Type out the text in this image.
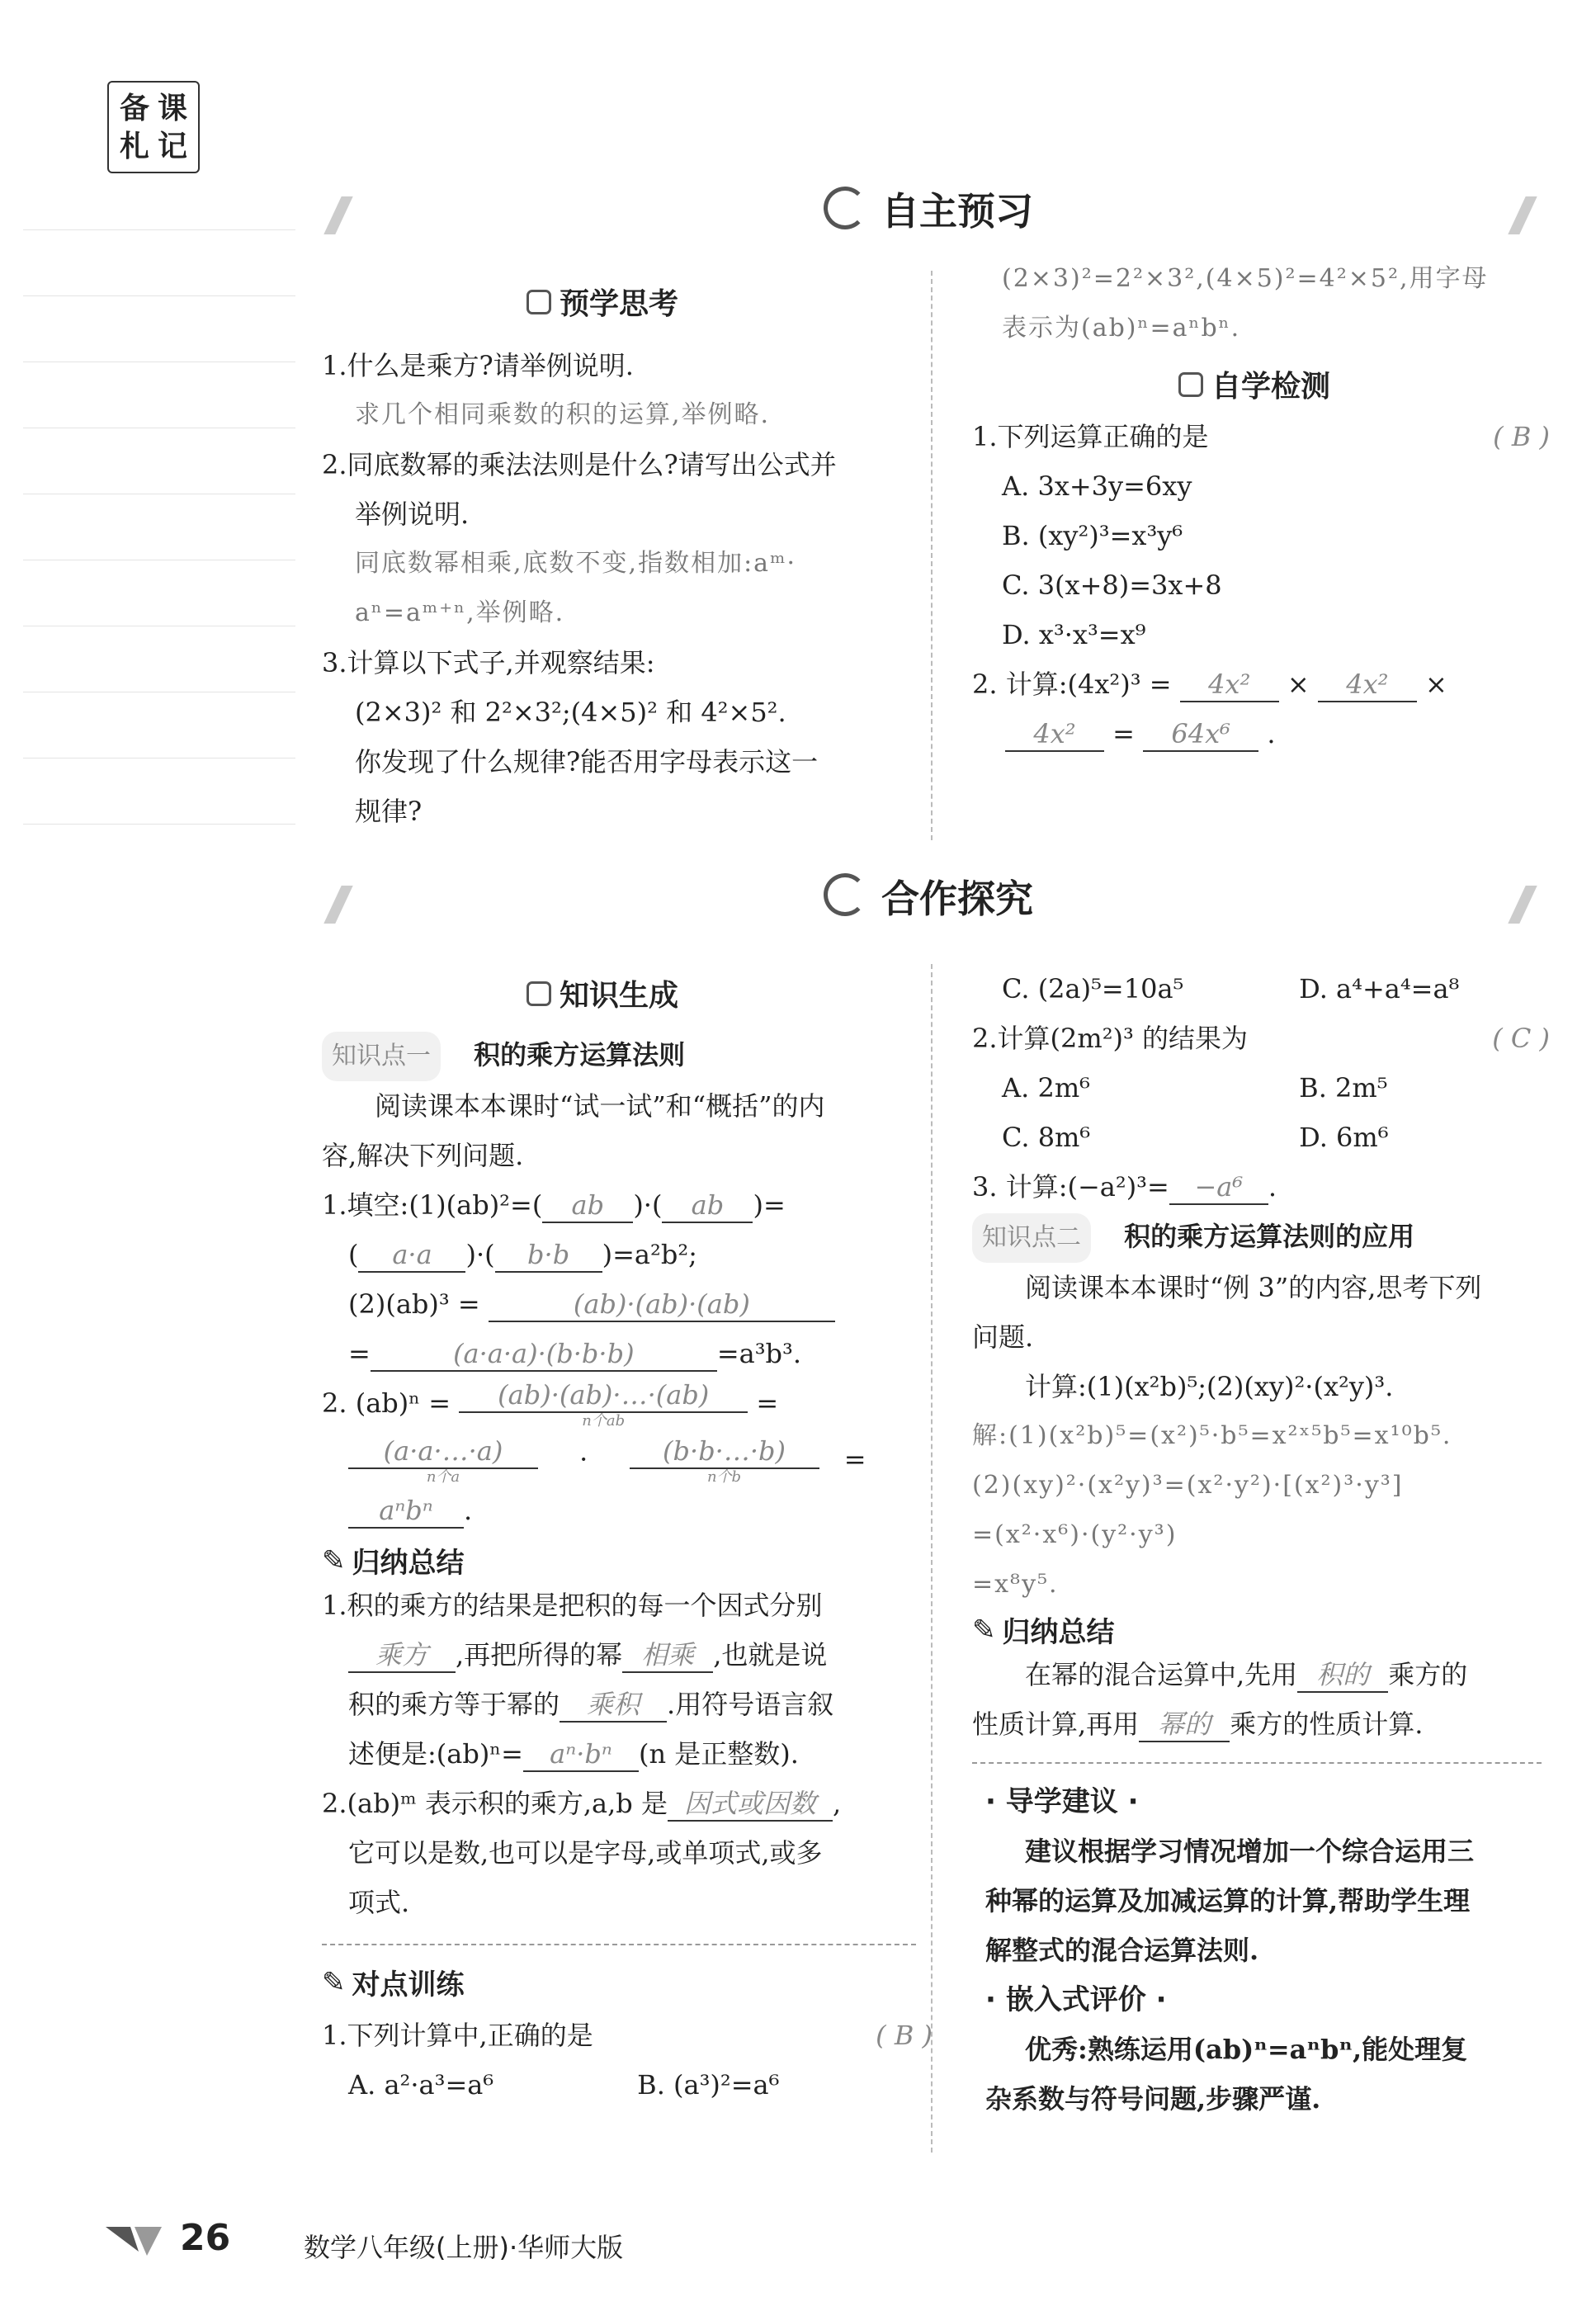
备 课
札 记
自主预习
预学思考
1.什么是乘方?请举例说明.
求几个相同乘数的积的运算,举例略.
2.同底数幂的乘法法则是什么?请写出公式并
举例说明.
同底数幂相乘,底数不变,指数相加:aᵐ·
aⁿ=aᵐ⁺ⁿ,举例略.
3.计算以下式子,并观察结果:
(2×3)² 和 2²×3²;(4×5)² 和 4²×5².
你发现了什么规律?能否用字母表示这一
规律?
(2×3)²=2²×3²,(4×5)²=4²×5²,用字母
表示为(ab)ⁿ=aⁿbⁿ.
自学检测
1.下列运算正确的是	( B )
A. 3x+3y=6xy
B. (xy²)³=x³y⁶
C. 3(x+8)=3x+8
D. x³·x³=x⁹
2. 计算:(4x²)³ = 4x² × 4x² ×
4x² = 64x⁶ .
合作探究
知识生成
知识点一 积的乘方运算法则
阅读课本本课时“试一试”和“概括”的内
容,解决下列问题.
1.填空:(1)(ab)²=( ab )·( ab )=
( a·a )·( b·b )=a²b²;
(2)(ab)³ =	(ab)·(ab)·(ab)
=	(a·a·a)·(b·b·b)	=a³b³.
2. (ab)ⁿ =	(ab)·(ab)·…·(ab)
n个ab
=
(a·a·…·a)
n个a
·	(b·b·…·b)
n个b
=
aⁿbⁿ .
✎ 归纳总结
1.积的乘方的结果是把积的每一个因式分别
乘方 ,再把所得的幂 相乘 ,也就是说
积的乘方等于幂的 乘积 .用符号语言叙
述便是:(ab)ⁿ= aⁿ·bⁿ (n 是正整数).
2.(ab)ᵐ 表示积的乘方,a,b 是 因式或因数 ,
它可以是数,也可以是字母,或单项式,或多
项式.
✎ 对点训练
1.下列计算中,正确的是	( B )
A. a²·a³=a⁶	B. (a³)²=a⁶
C. (2a)⁵=10a⁵	D. a⁴+a⁴=a⁸
2.计算(2m²)³ 的结果为	( C )
A. 2m⁶	B. 2m⁵
C. 8m⁶	D. 6m⁶
3. 计算:(−a²)³= −a⁶ .
知识点二 积的乘方运算法则的应用
阅读课本本课时“例 3”的内容,思考下列
问题.
计算:(1)(x²b)⁵;(2)(xy)²·(x²y)³.
解:(1)(x²b)⁵=(x²)⁵·b⁵=x²ˣ⁵b⁵=x¹⁰b⁵.
(2)(xy)²·(x²y)³=(x²·y²)·[(x²)³·y³]
=(x²·x⁶)·(y²·y³)
=x⁸y⁵.
✎ 归纳总结
在幂的混合运算中,先用 积的 乘方的
性质计算,再用 幂的 乘方的性质计算.
· 导学建议 ·
建议根据学习情况增加一个综合运用三
种幂的运算及加减运算的计算,帮助学生理
解整式的混合运算法则.
· 嵌入式评价 ·
优秀:熟练运用(ab)ⁿ=aⁿbⁿ,能处理复
杂系数与符号问题,步骤严谨.
26	数学八年级(上册)·华师大版
